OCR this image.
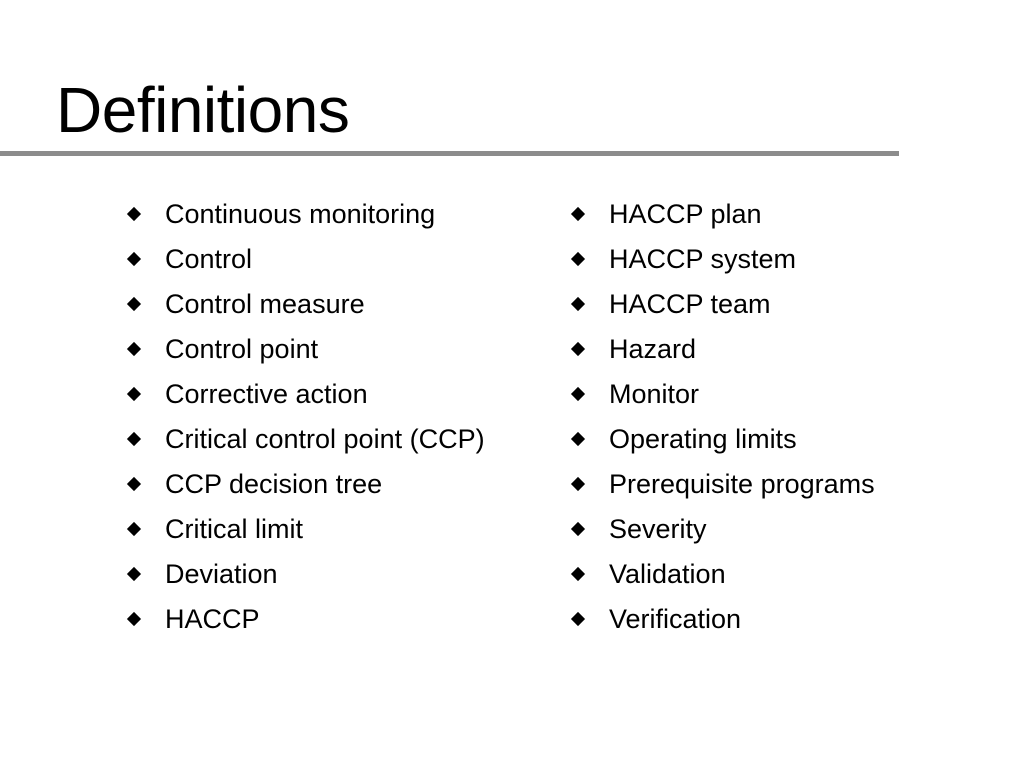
Definitions
Continuous monitoring
Control
Control measure
Control point
Corrective action
Critical control point (CCP)
CCP decision tree
Critical limit
Deviation
HACCP
HACCP plan
HACCP system
HACCP team
Hazard
Monitor
Operating limits
Prerequisite programs
Severity
Validation
Verification
